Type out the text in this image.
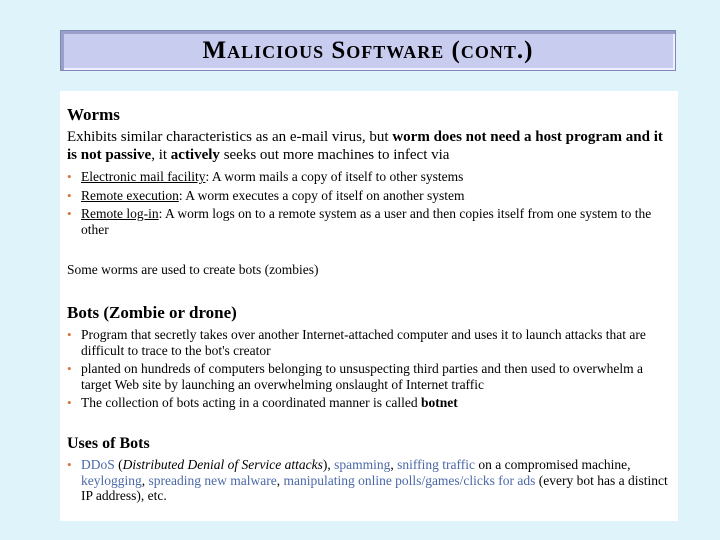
Malicious Software (cont.)
Worms
Exhibits similar characteristics as an e-mail virus, but worm does not need a host program and it is not passive, it actively seeks out more machines to infect via
• Electronic mail facility: A worm mails a copy of itself to other systems
• Remote execution: A worm executes a copy of itself on another system
• Remote log-in: A worm logs on to a remote system as a user and then copies itself from one system to the other
Some worms are used to create bots (zombies)
Bots (Zombie or drone)
• Program that secretly takes over another Internet-attached computer and uses it to launch attacks that are difficult to trace to the bot's creator
• planted on hundreds of computers belonging to unsuspecting third parties and then used to overwhelm a target Web site by launching an overwhelming onslaught of Internet traffic
• The collection of bots acting in a coordinated manner is called botnet
Uses of Bots
• DDoS (Distributed Denial of Service attacks), spamming, sniffing traffic on a compromised machine, keylogging, spreading new malware, manipulating online polls/games/clicks for ads (every bot has a distinct IP address), etc.
